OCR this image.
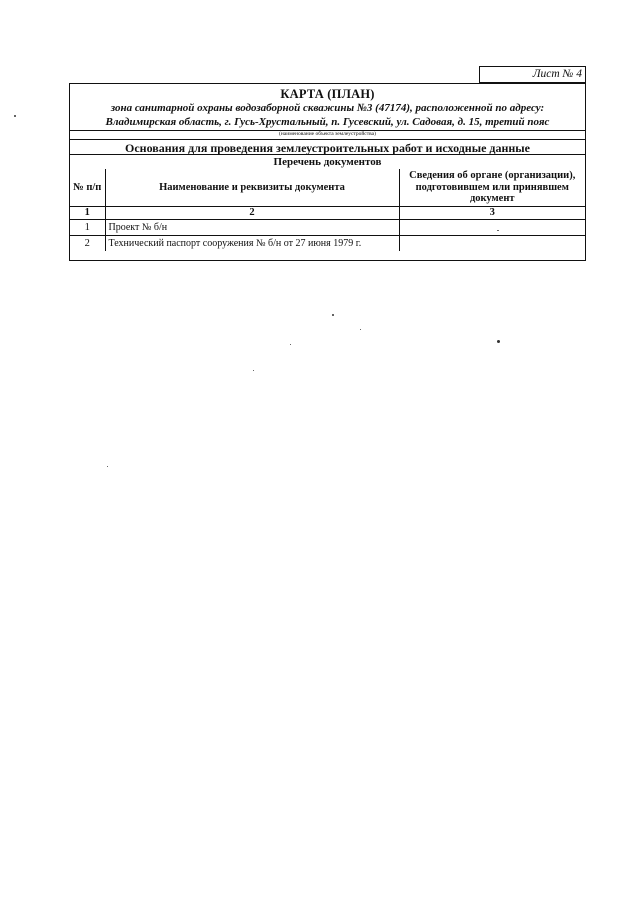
Лист № 4
КАРТА (ПЛАН)
зона санитарной охраны водозаборной скважины №3 (47174), расположенной по адресу:
Владимирская область, г. Гусь-Хрустальный, п. Гусевский, ул. Садовая, д. 15, третий пояс
(наименование объекта землеустройства)
Основания для проведения землеустроительных работ и исходные данные
Перечень документов
№ п/п	Наименование и реквизиты документа	Сведения об органе (организации), подготовившем или принявшем документ
1	2	3
1	Проект № б/н	
2	Технический паспорт сооружения № б/н от 27 июня 1979 г.	
